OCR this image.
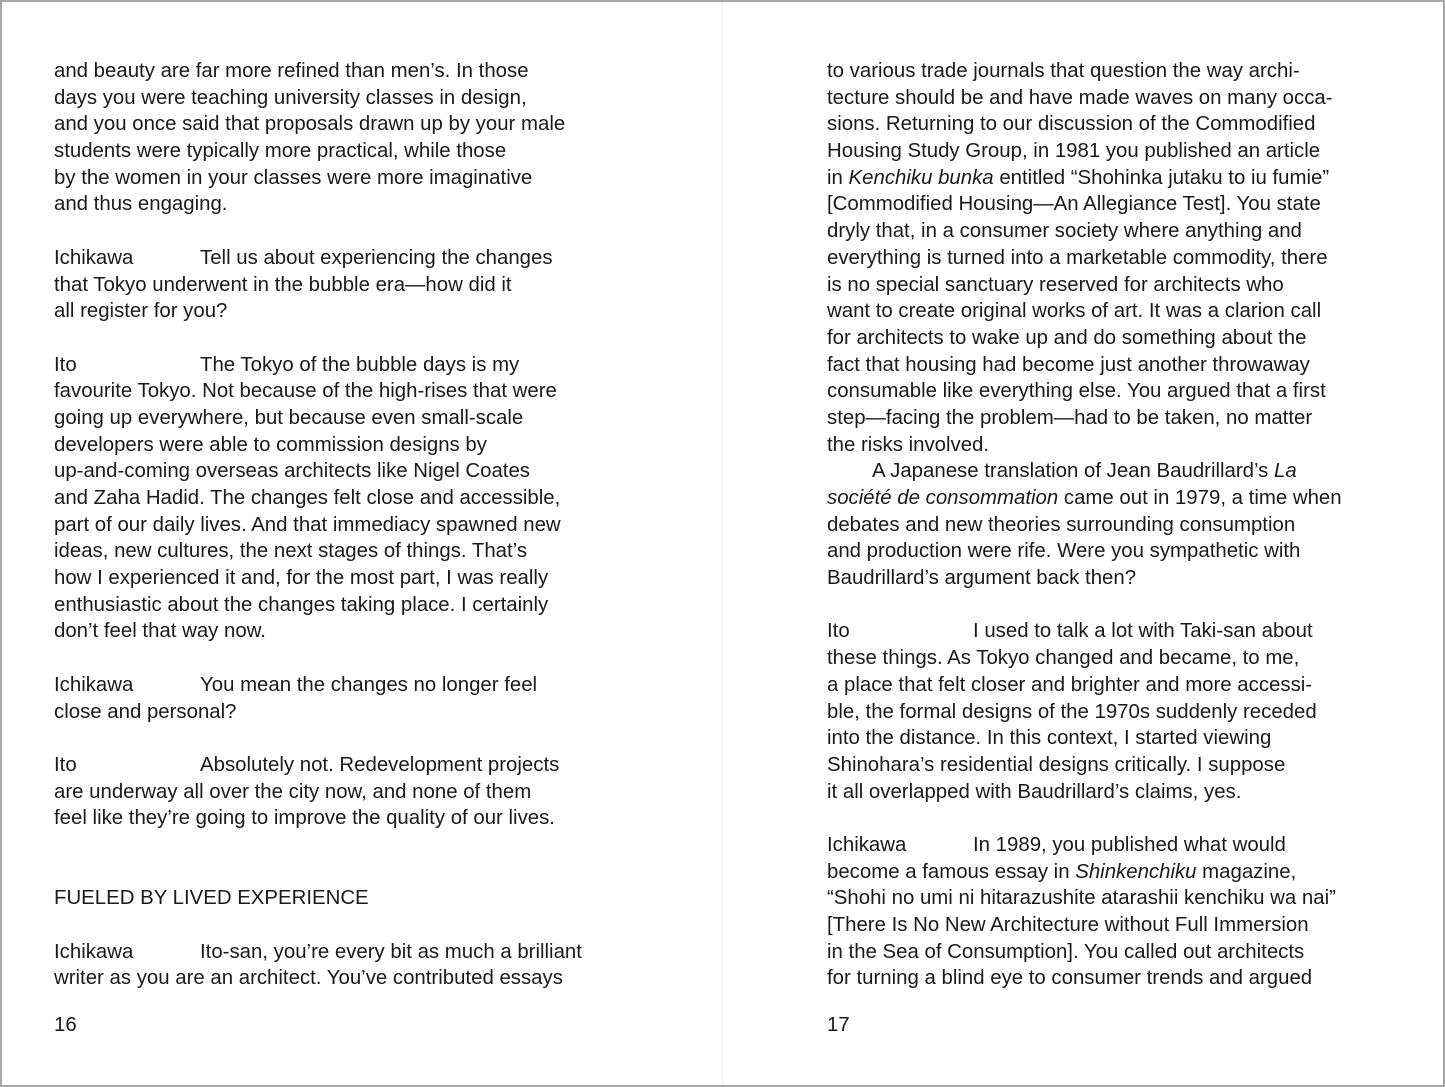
and beauty are far more refined than men’s. In those
days you were teaching university classes in design,
and you once said that proposals drawn up by your male
students were typically more practical, while those
by the women in your classes were more imaginative
and thus engaging.
Ichikawa	Tell us about experiencing the changes
that Tokyo underwent in the bubble era—how did it
all register for you?
Ito	The Tokyo of the bubble days is my
favourite Tokyo. Not because of the high-rises that were
going up everywhere, but because even small-scale
developers were able to commission designs by
up-and-coming overseas architects like Nigel Coates
and Zaha Hadid. The changes felt close and accessible,
part of our daily lives. And that immediacy spawned new
ideas, new cultures, the next stages of things. That’s
how I experienced it and, for the most part, I was really
enthusiastic about the changes taking place. I certainly
don’t feel that way now.
Ichikawa	You mean the changes no longer feel
close and personal?
Ito	Absolutely not. Redevelopment projects
are underway all over the city now, and none of them
feel like they’re going to improve the quality of our lives.
FUELED BY LIVED EXPERIENCE
Ichikawa	Ito-san, you’re every bit as much a brilliant
writer as you are an architect. You’ve contributed essays
16
to various trade journals that question the way archi-
tecture should be and have made waves on many occa-
sions. Returning to our discussion of the Commodified
Housing Study Group, in 1981 you published an article
in Kenchiku bunka entitled “Shohinka jutaku to iu fumie”
[Commodified Housing—An Allegiance Test]. You state
dryly that, in a consumer society where anything and
everything is turned into a marketable commodity, there
is no special sanctuary reserved for architects who
want to create original works of art. It was a clarion call
for architects to wake up and do something about the
fact that housing had become just another throwaway
consumable like everything else. You argued that a first
step—facing the problem—had to be taken, no matter
the risks involved.
A Japanese translation of Jean Baudrillard’s La
société de consommation came out in 1979, a time when
debates and new theories surrounding consumption
and production were rife. Were you sympathetic with
Baudrillard’s argument back then?
Ito	I used to talk a lot with Taki-san about
these things. As Tokyo changed and became, to me,
a place that felt closer and brighter and more accessi-
ble, the formal designs of the 1970s suddenly receded
into the distance. In this context, I started viewing
Shinohara’s residential designs critically. I suppose
it all overlapped with Baudrillard’s claims, yes.
Ichikawa	In 1989, you published what would
become a famous essay in Shinkenchiku magazine,
“Shohi no umi ni hitarazushite atarashii kenchiku wa nai”
[There Is No New Architecture without Full Immersion
in the Sea of Consumption]. You called out architects
for turning a blind eye to consumer trends and argued
17
